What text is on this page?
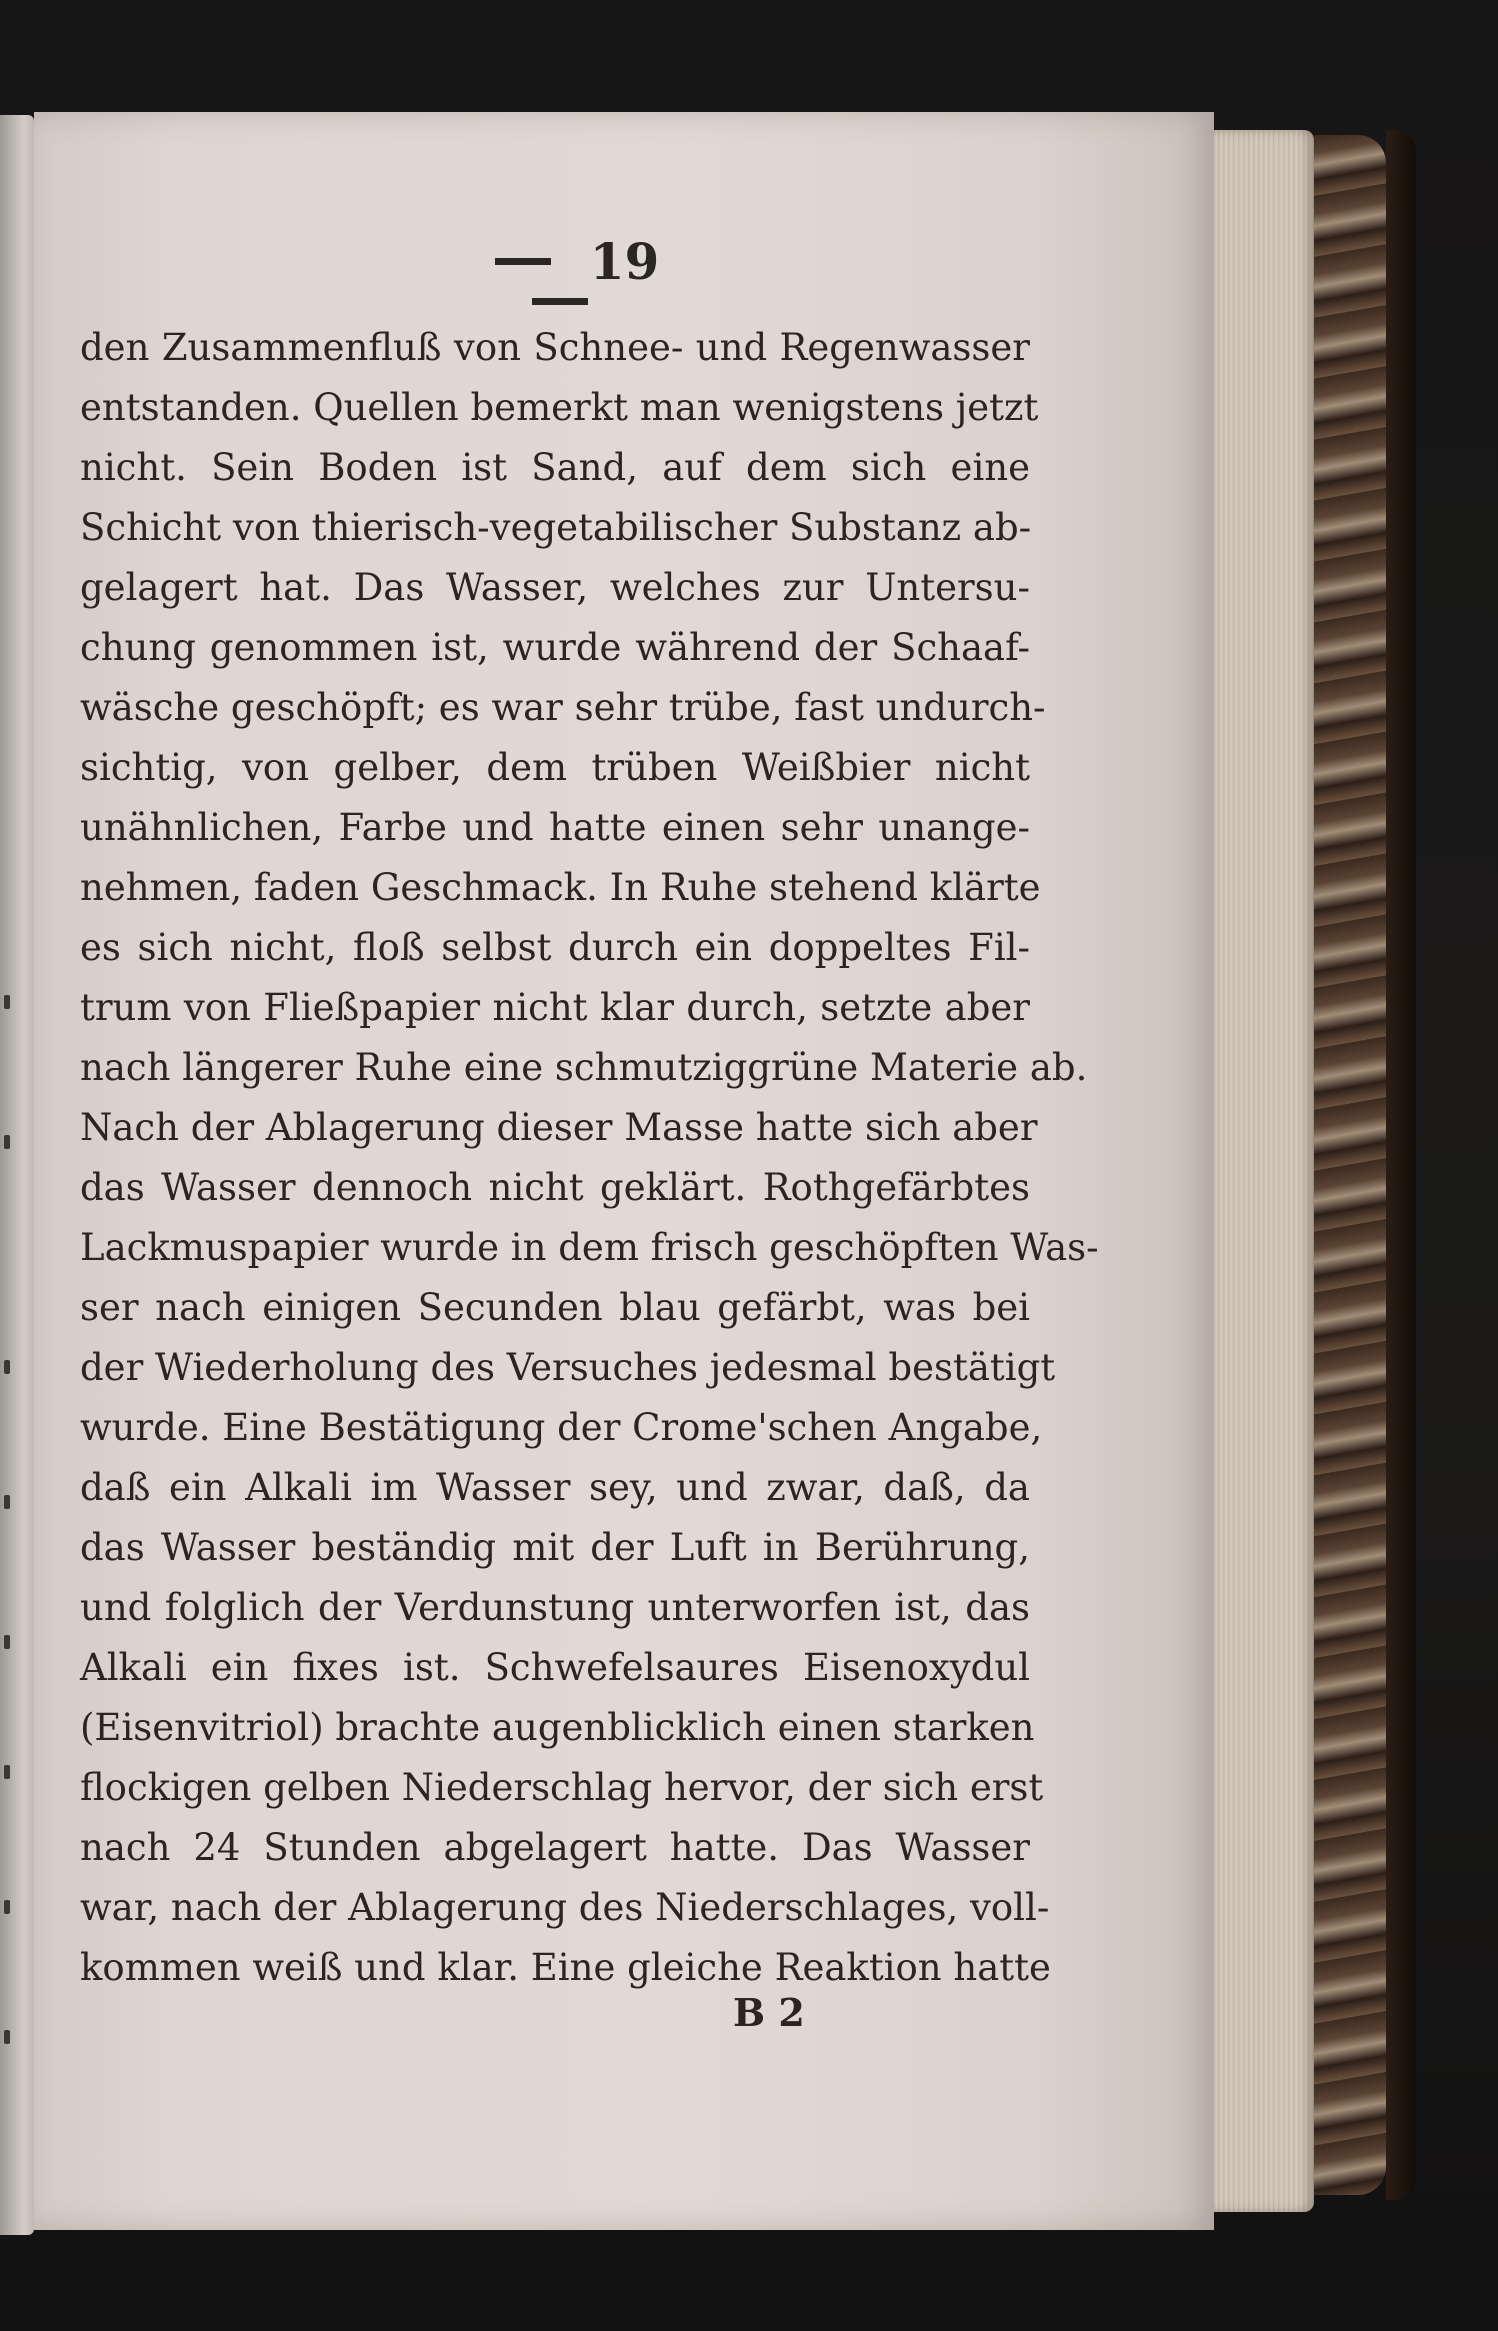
19
den Zusammenfluß von Schnee- und Regenwasser
entstanden. Quellen bemerkt man wenigstens jetzt
nicht. Sein Boden ist Sand, auf dem sich eine
Schicht von thierisch-vegetabilischer Substanz ab-
gelagert hat. Das Wasser, welches zur Untersu-
chung genommen ist, wurde während der Schaaf-
wäsche geschöpft; es war sehr trübe, fast undurch-
sichtig, von gelber, dem trüben Weißbier nicht
unähnlichen, Farbe und hatte einen sehr unange-
nehmen, faden Geschmack. In Ruhe stehend klärte
es sich nicht, floß selbst durch ein doppeltes Fil-
trum von Fließpapier nicht klar durch, setzte aber
nach längerer Ruhe eine schmutziggrüne Materie ab.
Nach der Ablagerung dieser Masse hatte sich aber
das Wasser dennoch nicht geklärt. Rothgefärbtes
Lackmuspapier wurde in dem frisch geschöpften Was-
ser nach einigen Secunden blau gefärbt, was bei
der Wiederholung des Versuches jedesmal bestätigt
wurde. Eine Bestätigung der Crome'schen Angabe,
daß ein Alkali im Wasser sey, und zwar, daß, da
das Wasser beständig mit der Luft in Berührung,
und folglich der Verdunstung unterworfen ist, das
Alkali ein fixes ist. Schwefelsaures Eisenoxydul
(Eisenvitriol) brachte augenblicklich einen starken
flockigen gelben Niederschlag hervor, der sich erst
nach 24 Stunden abgelagert hatte. Das Wasser
war, nach der Ablagerung des Niederschlages, voll-
kommen weiß und klar. Eine gleiche Reaktion hatte
B 2
